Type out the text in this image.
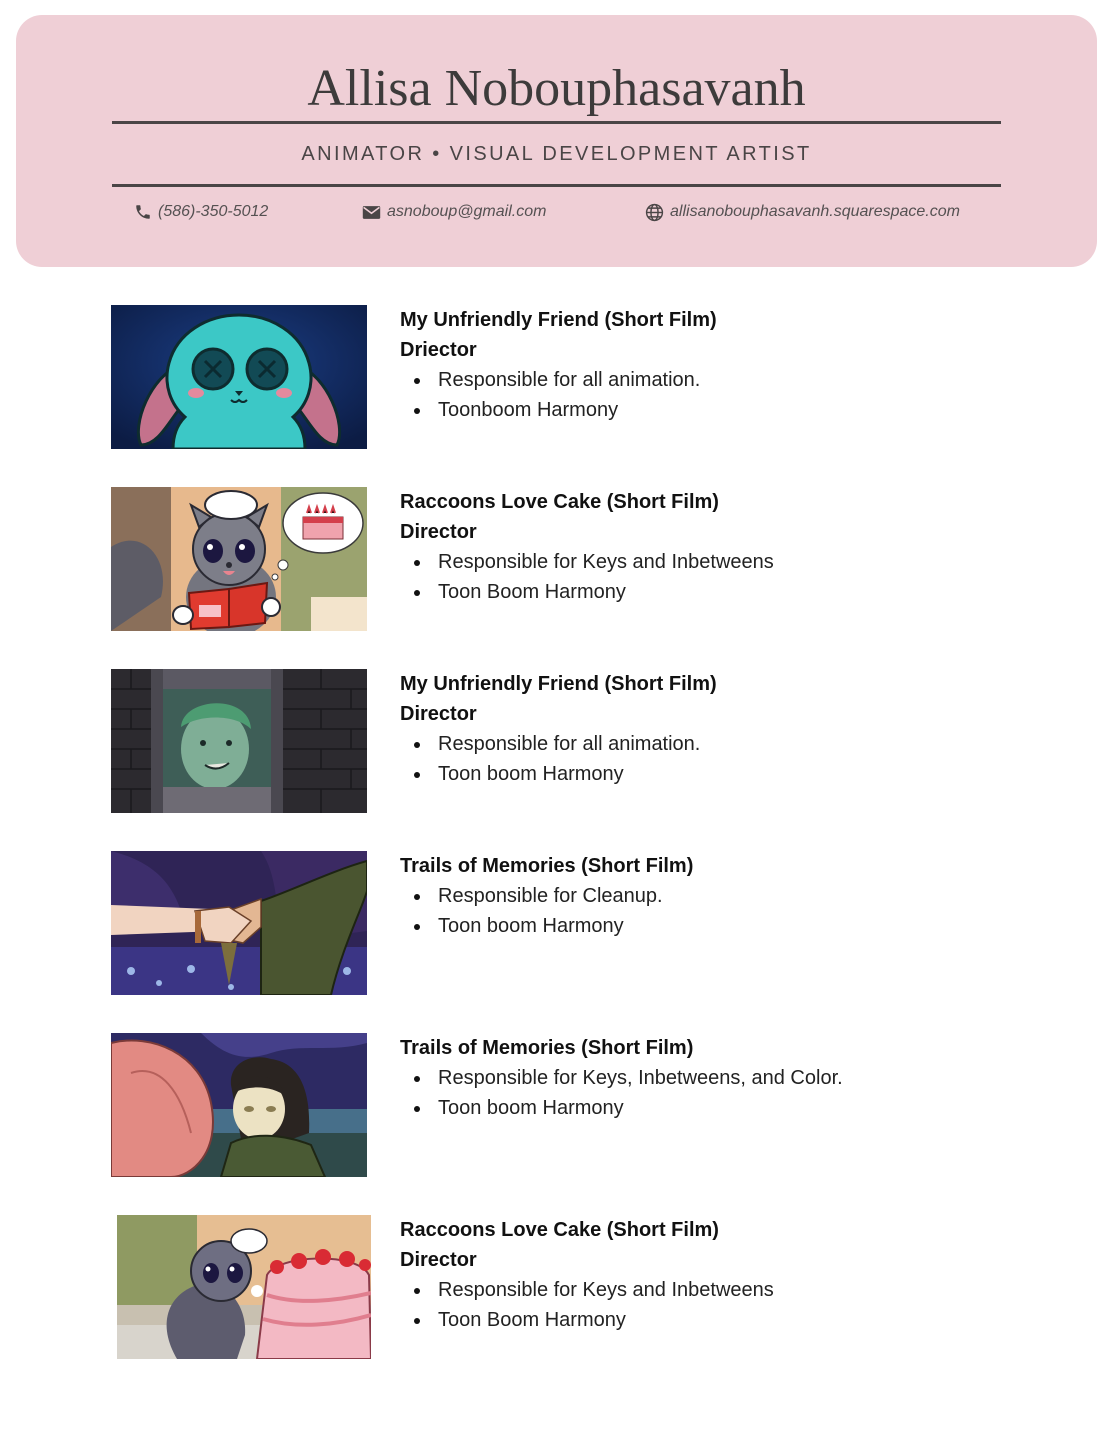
Allisa Nobouphasavanh
ANIMATOR • VISUAL DEVELOPMENT ARTIST
(586)-350-5012	asnoboup@gmail.com	allisanobouphasavanh.squarespace.com
My Unfriendly Friend (Short Film)
Driector
Responsible for all animation.
Toonboom Harmony
Raccoons Love Cake (Short Film)
Director
Responsible for Keys and Inbetweens
Toon Boom Harmony
My Unfriendly Friend (Short Film)
Director
Responsible for all animation.
Toon boom Harmony
Trails of Memories (Short Film)
Responsible for Cleanup.
Toon boom Harmony
Trails of Memories (Short Film)
Responsible for Keys, Inbetweens, and Color.
Toon boom Harmony
Raccoons Love Cake (Short Film)
Director
Responsible for Keys and Inbetweens
Toon Boom Harmony
